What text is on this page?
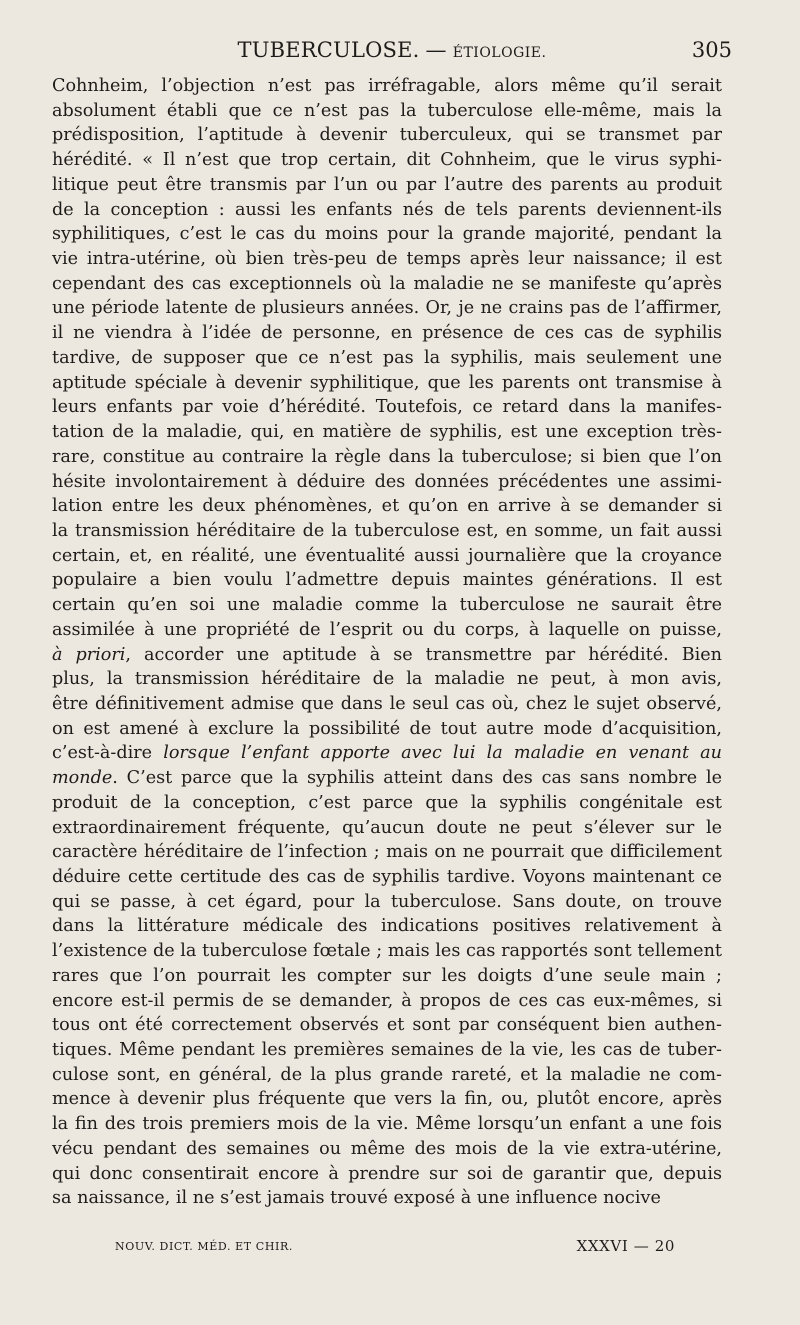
TUBERCULOSE. — ÉTIOLOGIE.	305
Cohnheim, l’objection n’est pas irréfragable, alors même qu’il serait
absolument établi que ce n’est pas la tuberculose elle-même, mais la
prédisposition, l’aptitude à devenir tuberculeux, qui se transmet par
hérédité. « Il n’est que trop certain, dit Cohnheim, que le virus syphi-
litique peut être transmis par l’un ou par l’autre des parents au produit
de la conception : aussi les enfants nés de tels parents deviennent-ils
syphilitiques, c’est le cas du moins pour la grande majorité, pendant la
vie intra-utérine, où bien très-peu de temps après leur naissance; il est
cependant des cas exceptionnels où la maladie ne se manifeste qu’après
une période latente de plusieurs années. Or, je ne crains pas de l’affirmer,
il ne viendra à l’idée de personne, en présence de ces cas de syphilis
tardive, de supposer que ce n’est pas la syphilis, mais seulement une
aptitude spéciale à devenir syphilitique, que les parents ont transmise à
leurs enfants par voie d’hérédité. Toutefois, ce retard dans la manifes-
tation de la maladie, qui, en matière de syphilis, est une exception très-
rare, constitue au contraire la règle dans la tuberculose; si bien que l’on
hésite involontairement à déduire des données précédentes une assimi-
lation entre les deux phénomènes, et qu’on en arrive à se demander si
la transmission héréditaire de la tuberculose est, en somme, un fait aussi
certain, et, en réalité, une éventualité aussi journalière que la croyance
populaire a bien voulu l’admettre depuis maintes générations. Il est
certain qu’en soi une maladie comme la tuberculose ne saurait être
assimilée à une propriété de l’esprit ou du corps, à laquelle on puisse,
à priori, accorder une aptitude à se transmettre par hérédité. Bien
plus, la transmission héréditaire de la maladie ne peut, à mon avis,
être définitivement admise que dans le seul cas où, chez le sujet observé,
on est amené à exclure la possibilité de tout autre mode d’acquisition,
c’est-à-dire lorsque l’enfant apporte avec lui la maladie en venant au
monde. C’est parce que la syphilis atteint dans des cas sans nombre le
produit de la conception, c’est parce que la syphilis congénitale est
extraordinairement fréquente, qu’aucun doute ne peut s’élever sur le
caractère héréditaire de l’infection ; mais on ne pourrait que difficilement
déduire cette certitude des cas de syphilis tardive. Voyons maintenant ce
qui se passe, à cet égard, pour la tuberculose. Sans doute, on trouve
dans la littérature médicale des indications positives relativement à
l’existence de la tuberculose fœtale ; mais les cas rapportés sont tellement
rares que l’on pourrait les compter sur les doigts d’une seule main ;
encore est-il permis de se demander, à propos de ces cas eux-mêmes, si
tous ont été correctement observés et sont par conséquent bien authen-
tiques. Même pendant les premières semaines de la vie, les cas de tuber-
culose sont, en général, de la plus grande rareté, et la maladie ne com-
mence à devenir plus fréquente que vers la fin, ou, plutôt encore, après
la fin des trois premiers mois de la vie. Même lorsqu’un enfant a une fois
vécu pendant des semaines ou même des mois de la vie extra-utérine,
qui donc consentirait encore à prendre sur soi de garantir que, depuis
sa naissance, il ne s’est jamais trouvé exposé à une influence nocive
NOUV. DICT. MÉD. ET CHIR.	XXXVI — 20
